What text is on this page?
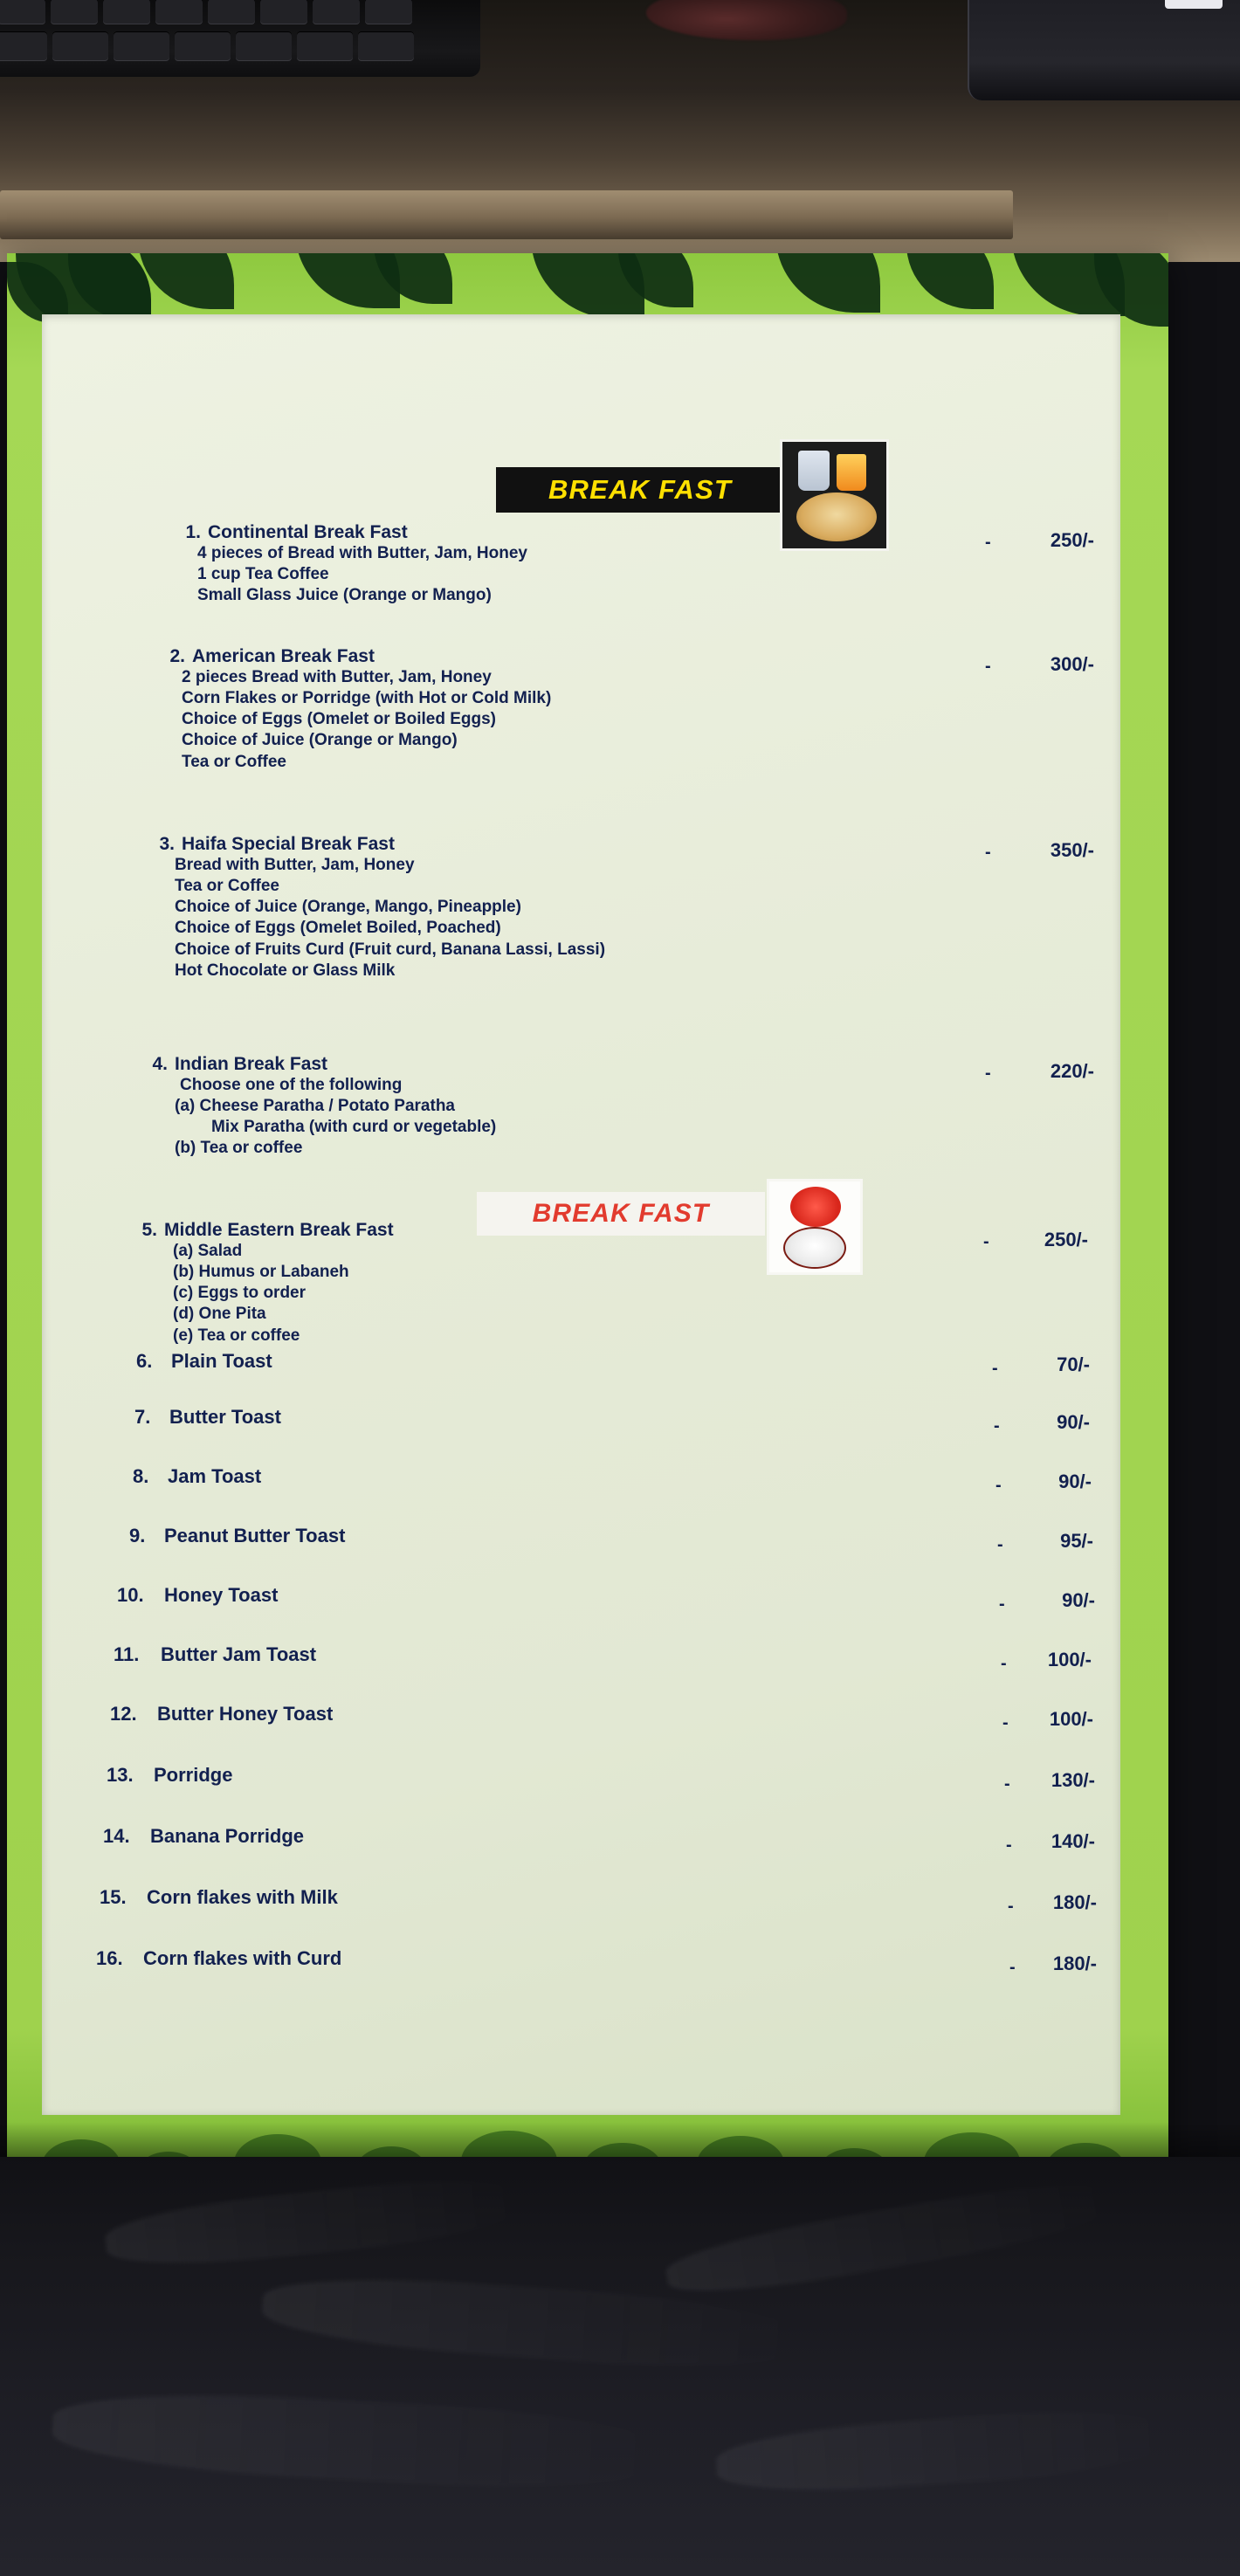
BREAK FAST
1. Continental Break Fast
4 pieces of Bread with Butter, Jam, Honey
1 cup Tea Coffee
Small Glass Juice (Orange or Mango)
-	250/-
2. American Break Fast
2 pieces Bread with Butter, Jam, Honey
Corn Flakes or Porridge (with Hot or Cold Milk)
Choice of Eggs (Omelet or Boiled Eggs)
Choice of Juice (Orange or Mango)
Tea or Coffee
-	300/-
3. Haifa Special Break Fast
Bread with Butter, Jam, Honey
Tea or Coffee
Choice of Juice (Orange, Mango, Pineapple)
Choice of Eggs (Omelet Boiled, Poached)
Choice of Fruits Curd (Fruit curd, Banana Lassi, Lassi)
Hot Chocolate or Glass Milk
-	350/-
4. Indian Break Fast
Choose one of the following
(a) Cheese Paratha / Potato Paratha
Mix Paratha (with curd or vegetable)
(b) Tea or coffee
-	220/-
5. Middle Eastern Break Fast
(a) Salad
(b) Humus or Labaneh
(c) Eggs to order
(d) One Pita
(e) Tea or coffee
-	250/-
BREAK FAST
6. Plain Toast	-	70/-
7. Butter Toast	-	90/-
8. Jam Toast	-	90/-
9. Peanut Butter Toast	-	95/-
10. Honey Toast	-	90/-
11. Butter Jam Toast	-	100/-
12. Butter Honey Toast	-	100/-
13. Porridge	-	130/-
14. Banana Porridge	-	140/-
15. Corn flakes with Milk	-	180/-
16. Corn flakes with Curd	-	180/-
